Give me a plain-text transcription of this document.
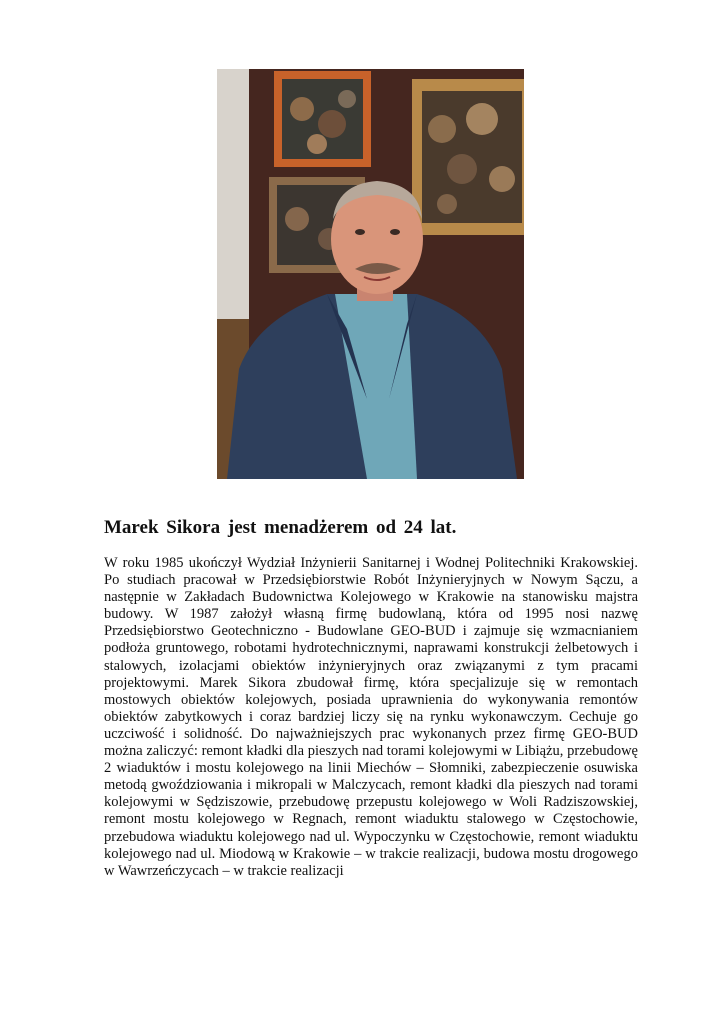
Marek Sikora jest menadżerem od 24 lat.

W roku 1985 ukończył Wydział Inżynierii Sanitarnej i Wodnej Politechniki Krakowskiej. Po studiach pracował w Przedsiębiorstwie Robót Inżynieryjnych w Nowym Sączu, a następnie w Zakładach Budownictwa Kolejowego w Krakowie na stanowisku majstra budowy. W 1987 założył własną firmę budowlaną, która od 1995 nosi nazwę Przedsiębiorstwo Geotechniczno - Budowlane GEO-BUD i zajmuje się wzmacnianiem podłoża gruntowego, robotami hydrotechnicznymi, naprawami konstrukcji żelbetowych i stalowych, izolacjami obiektów inżynieryjnych oraz związanymi z tym pracami projektowymi. Marek Sikora zbudował firmę, która specjalizuje się w remontach mostowych obiektów kolejowych, posiada uprawnienia do wykonywania remontów obiektów zabytkowych i coraz bardziej liczy się na rynku wykonawczym. Cechuje go uczciwość i solidność. Do najważniejszych prac wykonanych przez firmę GEO-BUD można zaliczyć: remont kładki dla pieszych nad torami kolejowymi w Libiążu, przebudowę 2 wiaduktów i mostu kolejowego na linii Miechów – Słomniki, zabezpieczenie osuwiska metodą gwoździowania i mikropali w Malczycach, remont kładki dla pieszych nad torami kolejowymi w Sędziszowie, przebudowę przepustu kolejowego w Woli Radziszowskiej, remont mostu kolejowego w Regnach, remont wiaduktu stalowego w Częstochowie, przebudowa wiaduktu kolejowego nad ul. Wypoczynku w Częstochowie, remont wiaduktu kolejowego nad ul. Miodową w Krakowie – w trakcie realizacji, budowa mostu drogowego w Wawrzeńczycach – w trakcie realizacji
